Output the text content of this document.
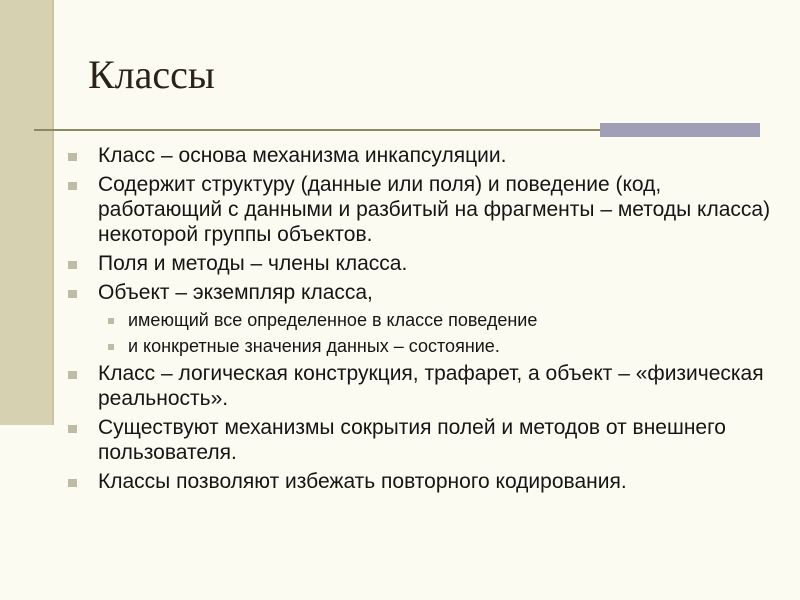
Классы
Класс – основа механизма инкапсуляции.
Содержит структуру (данные или поля) и поведение (код, работающий с данными и разбитый на фрагменты – методы класса) некоторой группы объектов.
Поля и методы – члены класса.
Объект – экземпляр класса,
имеющий все определенное в классе поведение
и конкретные значения данных – состояние.
Класс – логическая конструкция, трафарет, а объект – «физическая реальность».
Существуют механизмы сокрытия полей и методов от внешнего пользователя.
Классы позволяют избежать повторного кодирования.
